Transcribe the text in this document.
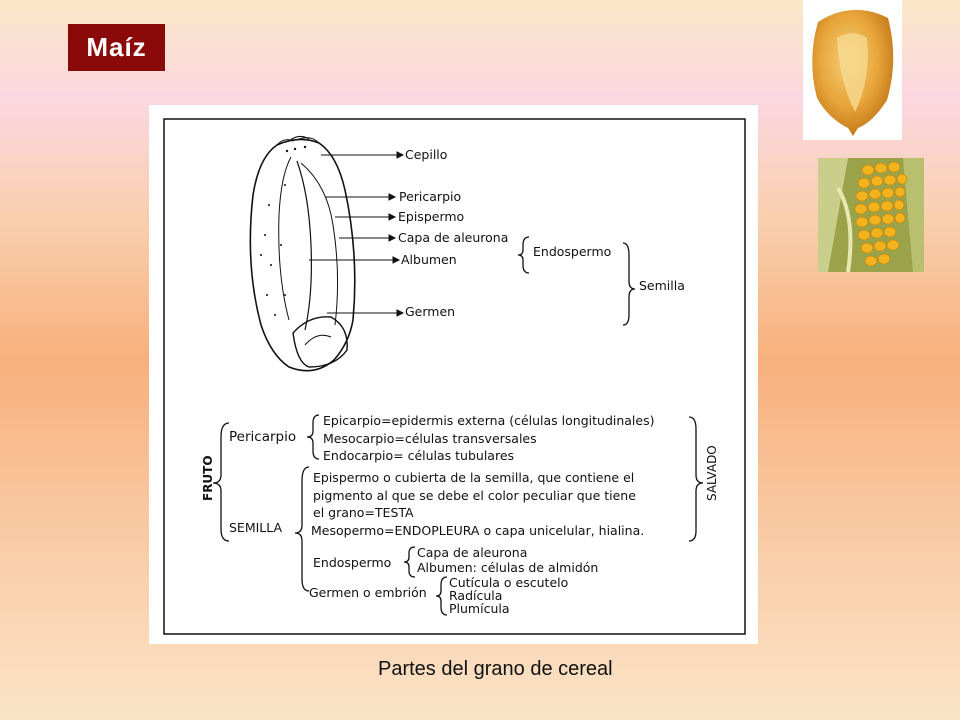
Maíz
Cepillo
Pericarpio
Epispermo
Capa de aleurona
Albumen
Endospermo
Semilla
Germen
FRUTO	SALVADO
Pericarpio
Epicarpio=epidermis externa (células longitudinales)
Mesocarpio=células transversales
Endocarpio= células tubulares
Epispermo o cubierta de la semilla, que contiene el
pigmento al que se debe el color peculiar que tiene
el grano=TESTA
SEMILLA Mesopermo=ENDOPLEURA o capa unicelular, hialina.
Endospermo
Capa de aleurona
Albumen: células de almidón
Germen o embrión
Cutícula o escutelo
Radícula
Plumícula
Partes del grano de cereal
